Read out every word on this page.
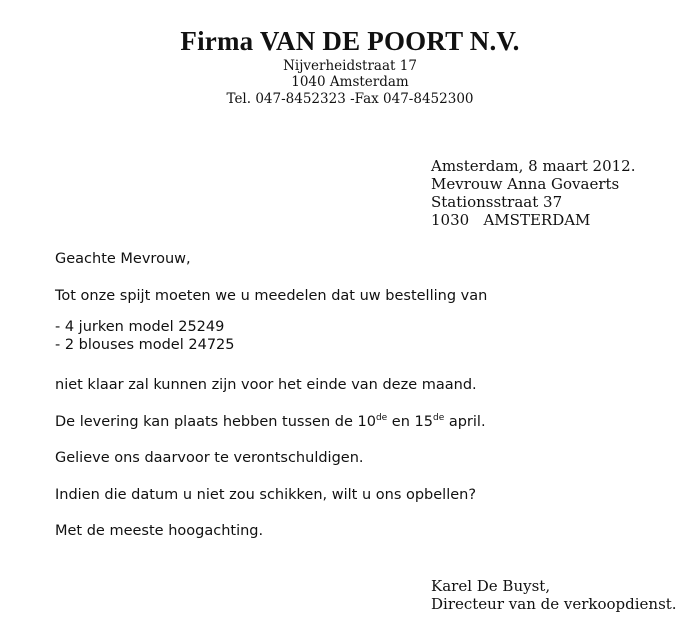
Firma VAN DE POORT N.V.
Nijverheidstraat 17
1040 Amsterdam
Tel. 047-8452323 -Fax 047-8452300
Amsterdam, 8 maart 2012.
Mevrouw Anna Govaerts
Stationsstraat 37
1030   AMSTERDAM
Geachte Mevrouw,
Tot onze spijt moeten we u meedelen dat uw bestelling van
- 4 jurken model 25249
- 2 blouses model 24725
niet klaar zal kunnen zijn voor het einde van deze maand.
De levering kan plaats hebben tussen de 10de en 15de april.
Gelieve ons daarvoor te verontschuldigen.
Indien die datum u niet zou schikken, wilt u ons opbellen?
Met de meeste hoogachting.
Karel De Buyst,
Directeur van de verkoopdienst.
